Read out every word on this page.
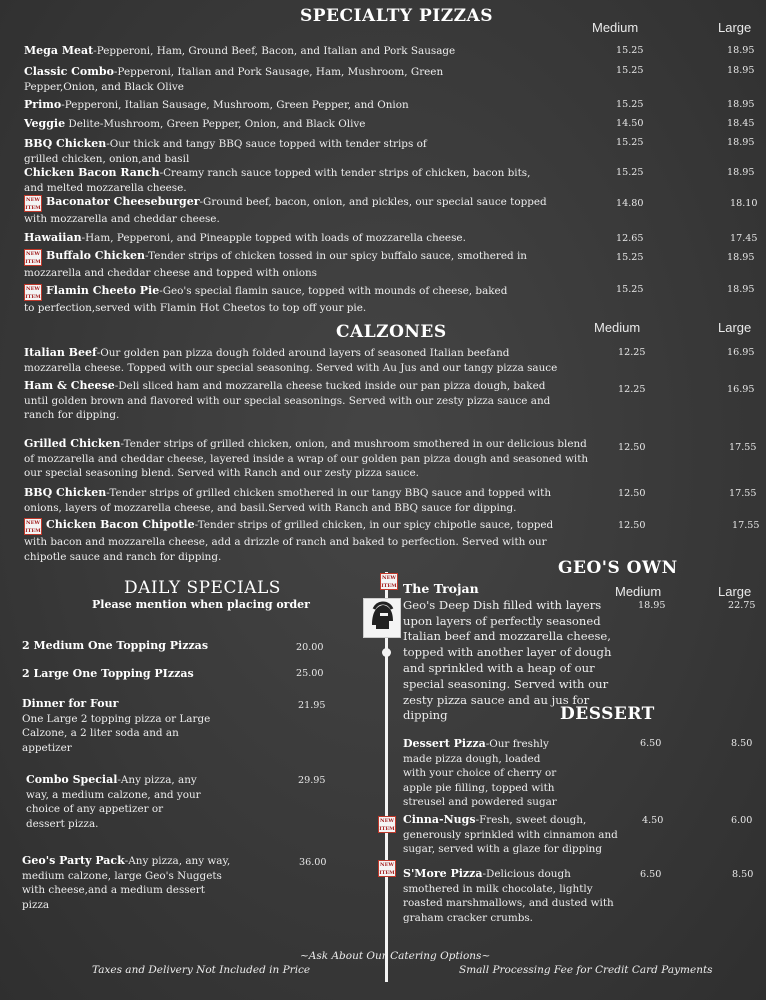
SPECIALTY PIZZAS
Medium	Large
Mega Meat-Pepperoni, Ham, Ground Beef, Bacon, and Italian and Pork Sausage	15.25	18.95
Classic Combo-Pepperoni, Italian and Pork Sausage, Ham, Mushroom, Green Pepper,Onion, and Black Olive
15.25	18.95
Primo-Pepperoni, Italian Sausage, Mushroom, Green Pepper, and Onion	15.25	18.95
Veggie Delite-Mushroom, Green Pepper, Onion, and Black Olive	14.50	18.45
BBQ Chicken-Our thick and tangy BBQ sauce topped with tender strips of grilled chicken, onion,and basil
15.25	18.95
Chicken Bacon Ranch-Creamy ranch sauce topped with tender strips of chicken, bacon bits, and melted mozzarella cheese.
15.25	18.95
NEW ITEM Baconator Cheeseburger-Ground beef, bacon, onion, and pickles, our special sauce topped with mozzarella and cheddar cheese.
14.80	18.10
Hawaiian-Ham, Pepperoni, and Pineapple topped with loads of mozzarella cheese.	12.65	17.45
NEW ITEM Buffalo Chicken-Tender strips of chicken tossed in our spicy buffalo sauce, smothered in mozzarella and cheddar cheese and topped with onions
15.25	18.95
NEW ITEM Flamin Cheeto Pie-Geo's special flamin sauce, topped with mounds of cheese, baked to perfection,served with Flamin Hot Cheetos to top off your pie.
15.25	18.95
CALZONES	Medium	Large
Italian Beef-Our golden pan pizza dough folded around layers of seasoned Italian beefand mozzarella cheese. Topped with our special seasoning. Served with Au Jus and our tangy pizza sauce
12.25	16.95
Ham & Cheese-Deli sliced ham and mozzarella cheese tucked inside our pan pizza dough, baked until golden brown and flavored with our special seasonings. Served with our zesty pizza sauce and ranch for dipping.
12.25	16.95
Grilled Chicken-Tender strips of grilled chicken, onion, and mushroom smothered in our delicious blend of mozzarella and cheddar cheese, layered inside a wrap of our golden pan pizza dough and seasoned with our special seasoning blend. Served with Ranch and our zesty pizza sauce.
12.50	17.55
BBQ Chicken-Tender strips of grilled chicken smothered in our tangy BBQ sauce and topped with onions, layers of mozzarella cheese, and basil.Served with Ranch and BBQ sauce for dipping.
12.50	17.55
NEW ITEM Chicken Bacon Chipotle-Tender strips of grilled chicken, in our spicy chipotle sauce, topped with bacon and mozzarella cheese, add a drizzle of ranch and baked to perfection. Served with our chipotle sauce and ranch for dipping.
12.50	17.55
DAILY SPECIALS
Please mention when placing order
2 Medium One Topping Pizzas	20.00
2 Large One Topping PIzzas	25.00
Dinner for Four
One Large 2 topping pizza or Large Calzone, a 2 liter soda and an appetizer
21.95
Combo Special-Any pizza, any way, a medium calzone, and your choice of any appetizer or dessert pizza.
29.95
Geo's Party Pack-Any pizza, any way, medium calzone, large Geo's Nuggets with cheese,and a medium dessert pizza
36.00
GEO'S OWN
Medium	Large
NEW ITEM The Trojan
Geo's Deep Dish filled with layers upon layers of perfectly seasoned Italian beef and mozzarella cheese, topped with another layer of dough and sprinkled with a heap of our special seasoning. Served with our zesty pizza sauce and au jus for dipping
18.95	22.75
DESSERT
Dessert Pizza-Our freshly made pizza dough, loaded with your choice of cherry or apple pie filling, topped with streusel and powdered sugar
6.50	8.50
NEW ITEM
Cinna-Nugs-Fresh, sweet dough, generously sprinkled with cinnamon and sugar, served with a glaze for dipping
4.50	6.00
NEW ITEM S'More Pizza-Delicious dough smothered in milk chocolate, lightly roasted marshmallows, and dusted with graham cracker crumbs.
6.50	8.50
~Ask About Our Catering Options~
Taxes and Delivery Not Included in Price	Small Processing Fee for Credit Card Payments
